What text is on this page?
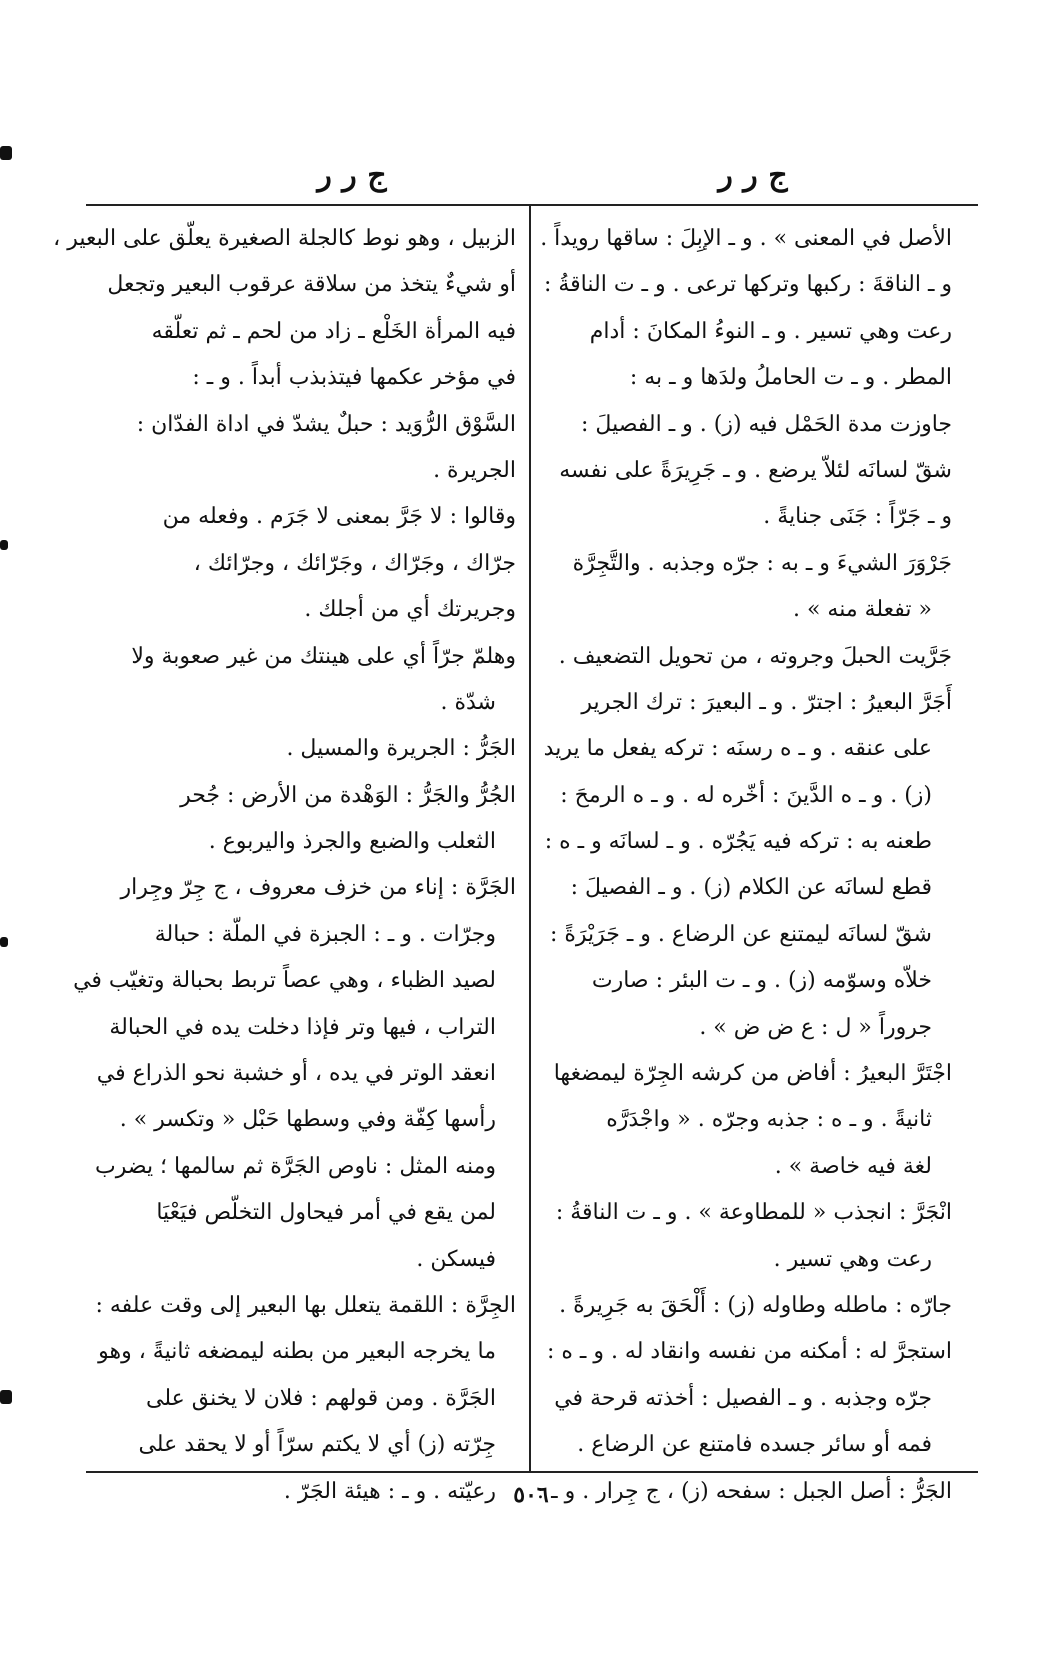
ج ر ر	ج ر ر
الأصل في المعنى » . و ـ الإبِلَ : ساقها رويداً .
و ـ الناقةَ : ركبها وتركها ترعى . و ـ ت الناقةُ :
رعت وهي تسير . و ـ النوءُ المكانَ : أدام
المطر . و ـ ت الحاملُ ولدَها و ـ به :
جاوزت مدة الحَمْل فيه (ز) . و ـ الفصيلَ :
شقّ لسانَه لئلاّ يرضع . و ـ جَرِيرَةً على نفسه
و ـ جَرّاً : جَنَى جنايةً .
جَرْوَرَ الشيءَ و ـ به : جرّه وجذبه . والتَّجِرَّة
« تفعلة منه » .
جَرَّيت الحبلَ وجروته ، من تحويل التضعيف .
أَجَرَّ البعيرُ : اجترّ . و ـ البعيرَ : ترك الجرير
على عنقه . و ـ ه رسنَه : تركه يفعل ما يريد
(ز) . و ـ ه الدَّينَ : أخّره له . و ـ ه الرمحَ :
طعنه به : تركه فيه يَجُرّه . و ـ لسانَه و ـ ه :
قطع لسانَه عن الكلام (ز) . و ـ الفصيلَ :
شقّ لسانَه ليمتنع عن الرضاع . و ـ جَرَيْرَةً :
خلاّه وسوّمه (ز) . و ـ ت البئر : صارت
جروراً « ل : ع ض ض » .
اجْتَرَّ البعيرُ : أفاض من كرشه الجِرّة ليمضغها
ثانيةً . و ـ ه : جذبه وجرّه . « واجْدَرَّه
لغة فيه خاصة » .
انْجَرَّ : انجذب « للمطاوعة » . و ـ ت الناقةُ :
رعت وهي تسير .
جارّه : ماطله وطاوله (ز) : أَلْحَقَ به جَرِيرةً .
استجرَّ له : أمكنه من نفسه وانقاد له . و ـ ه :
جرّه وجذبه . و ـ الفصيل : أخذته قرحة في
فمه أو سائر جسده فامتنع عن الرضاع .
الجَرُّ : أصل الجبل : سفحه (ز) ، ج جِرار . و ـ :
الزبيل ، وهو نوط كالجلة الصغيرة يعلّق على البعير ،
أو شيءٌ يتخذ من سلاقة عرقوب البعير وتجعل
فيه المرأة الخَلْع ـ زاد من لحم ـ ثم تعلّقه
في مؤخر عكمها فيتذبذب أبداً . و ـ :
السَّوْق الرُّوَيد : حبلٌ يشدّ في اداة الفدّان :
الجريرة .
وقالوا : لا جَرَّ بمعنى لا جَرَم . وفعله من
جرّاك ، وجَرّاك ، وجَرّائك ، وجرّائك ،
وجريرتك أي من أجلك .
وهلمّ جرّاً أي على هينتك من غير صعوبة ولا
شدّة .
الجَرُّ : الجريرة والمسيل .
الجُرُّ والجَرُّ : الوَهْدة من الأرض : جُحر
الثعلب والضبع والجرذ واليربوع .
الجَرَّة : إناء من خزف معروف ، ج جِرّ وجِرار
وجرّات . و ـ : الجبزة في الملّة : حبالة
لصيد الظباء ، وهي عصاً تربط بحبالة وتغيّب في
التراب ، فيها وتر فإذا دخلت يده في الحبالة
انعقد الوتر في يده ، أو خشبة نحو الذراع في
رأسها كِفّة وفي وسطها حَبْل « وتكسر » .
ومنه المثل : ناوص الجَرَّة ثم سالمها ؛ يضرب
لمن يقع في أمر فيحاول التخلّص فيَعْيَا
فيسكن .
الجِرَّة : اللقمة يتعلل بها البعير إلى وقت علفه :
ما يخرجه البعير من بطنه ليمضغه ثانيةً ، وهو
الجَرَّة . ومن قولهم : فلان لا يخنق على
جِرّته (ز) أي لا يكتم سرّاً أو لا يحقد على
رعيّته . و ـ : هيئة الجَرّ . ٥٠٦
